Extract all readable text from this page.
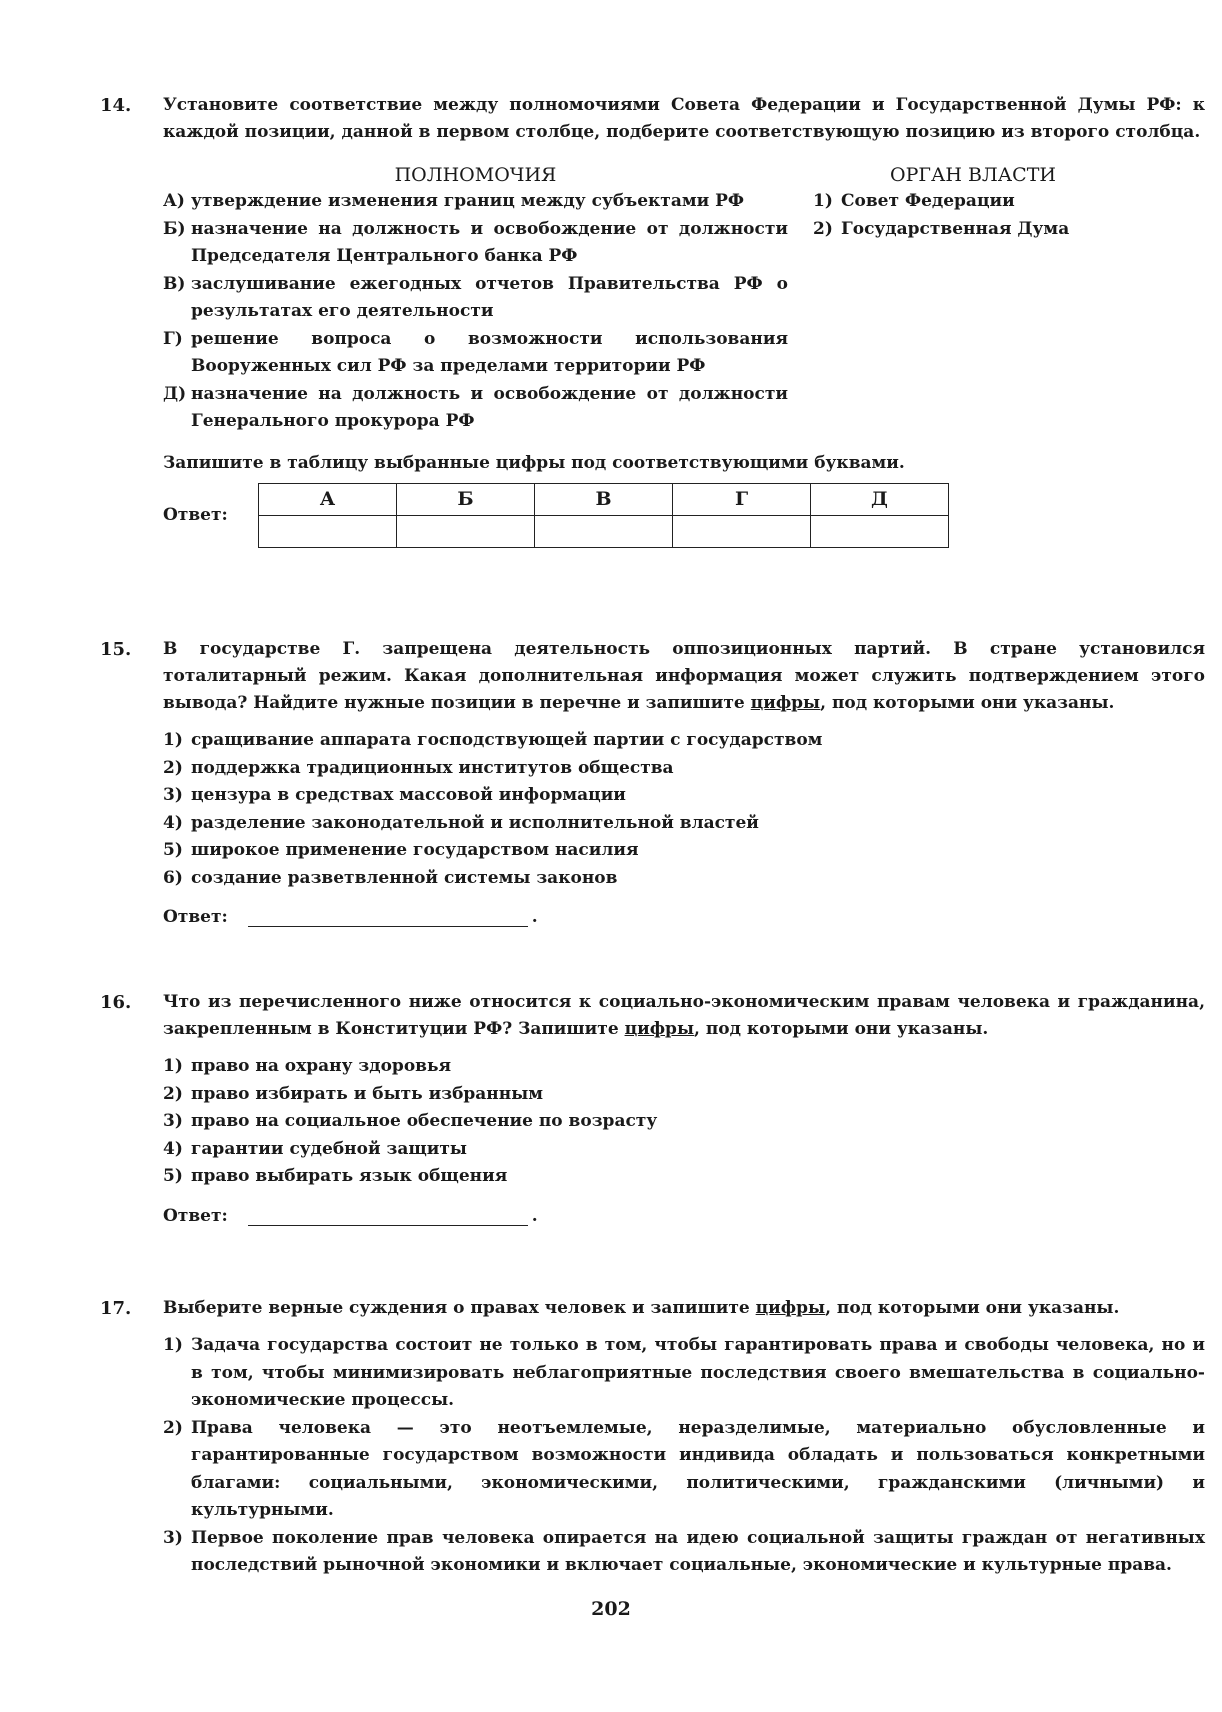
14. Установите соответствие между полномочиями Совета Федерации и Государственной Думы РФ: к каждой позиции, данной в первом столбце, подберите соответствующую позицию из второго столбца.
ПОЛНОМОЧИЯ
А) утверждение изменения границ между субъектами РФ
Б) назначение на должность и освобождение от должности Председателя Центрального банка РФ
В) заслушивание ежегодных отчетов Правительства РФ о результатах его деятельности
Г) решение вопроса о возможности использования Вооруженных сил РФ за пределами территории РФ
Д) назначение на должность и освобождение от должности Генерального прокурора РФ
ОРГАН ВЛАСТИ
1) Совет Федерации
2) Государственная Дума
Запишите в таблицу выбранные цифры под соответствующими буквами.
Ответ:
А	Б	В	Г	Д

15. В государстве Г. запрещена деятельность оппозиционных партий. В стране установился тоталитарный режим. Какая дополнительная информация может служить подтверждением этого вывода? Найдите нужные позиции в перечне и запишите цифры, под которыми они указаны.
1) сращивание аппарата господствующей партии с государством
2) поддержка традиционных институтов общества
3) цензура в средствах массовой информации
4) разделение законодательной и исполнительной властей
5) широкое применение государством насилия
6) создание разветвленной системы законов
Ответ:	.
16. Что из перечисленного ниже относится к социально-экономическим правам человека и гражданина, закрепленным в Конституции РФ? Запишите цифры, под которыми они указаны.
1) право на охрану здоровья
2) право избирать и быть избранным
3) право на социальное обеспечение по возрасту
4) гарантии судебной защиты
5) право выбирать язык общения
Ответ:	.
17. Выберите верные суждения о правах человек и запишите цифры, под которыми они указаны.
1) Задача государства состоит не только в том, чтобы гарантировать права и свободы человека, но и в том, чтобы минимизировать неблагоприятные последствия своего вмешательства в социально-экономические процессы.
2) Права человека — это неотъемлемые, неразделимые, материально обусловленные и гарантированные государством возможности индивида обладать и пользоваться конкретными благами: социальными, экономическими, политическими, гражданскими (личными) и культурными.
3) Первое поколение прав человека опирается на идею социальной защиты граждан от негативных последствий рыночной экономики и включает социальные, экономические и культурные права.
202
